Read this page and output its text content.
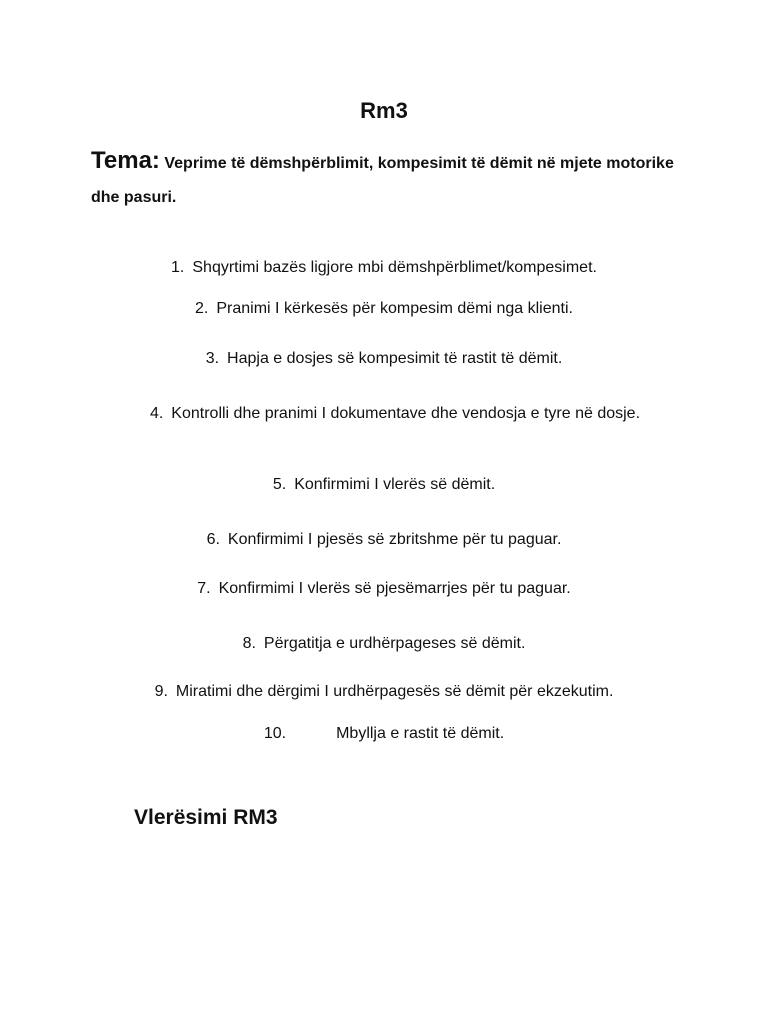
Rm3
Tema: Veprime të dëmshpërblimit, kompesimit të dëmit në mjete motorike dhe pasuri.
1. Shqyrtimi bazës ligjore mbi dëmshpërblimet/kompesimet.
2. Pranimi I kërkesës për kompesim dëmi nga klienti.
3. Hapja e dosjes së kompesimit të rastit të dëmit.
4. Kontrolli dhe pranimi I dokumentave dhe vendosja e tyre në dosje.
5. Konfirmimi I vlerës së dëmit.
6. Konfirmimi I pjesës së zbritshme për tu paguar.
7. Konfirmimi I vlerës së pjesëmarrjes për tu paguar.
8. Përgatitja e urdhërpageses së dëmit.
9. Miratimi dhe dërgimi I urdhërpagesës së dëmit për ekzekutim.
10.	Mbyllja e rastit të dëmit.
Vlerësimi RM3
